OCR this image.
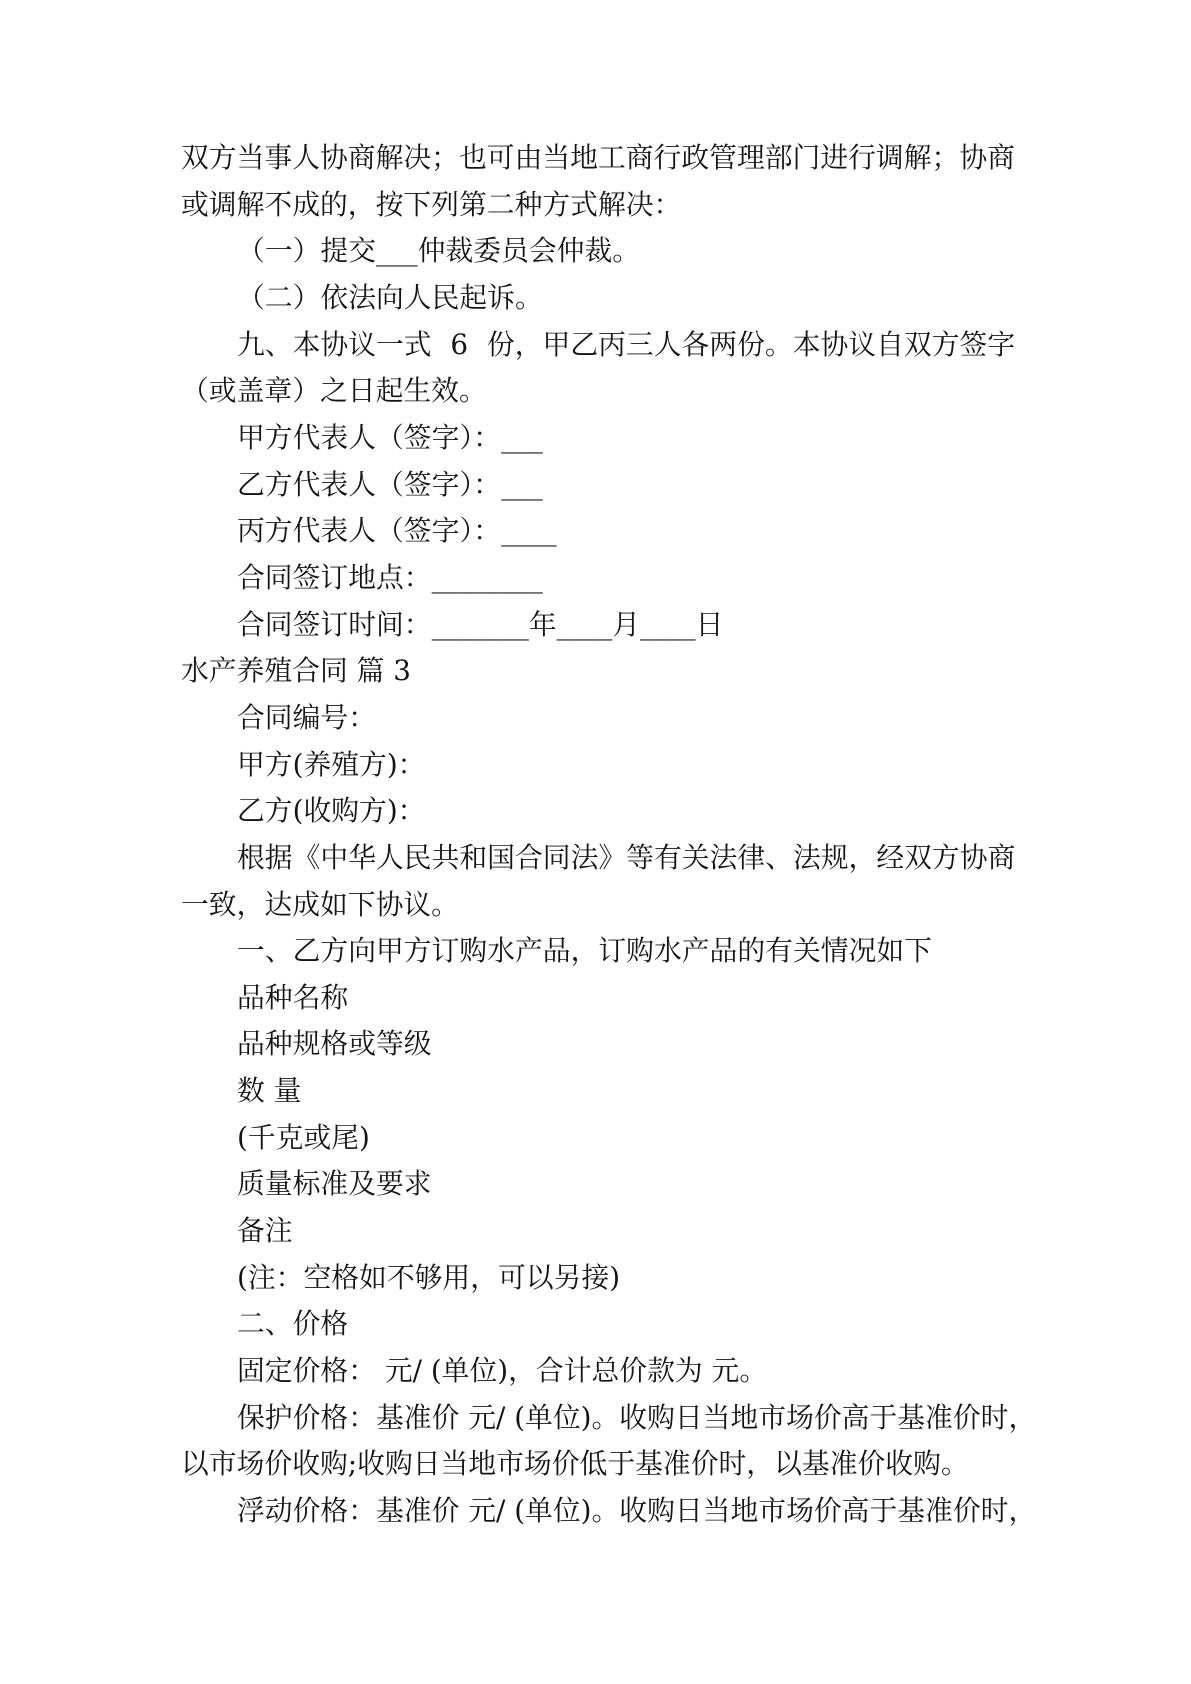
双方当事人协商解决；也可由当地工商行政管理部门进行调解；协商
或调解不成的，按下列第二种方式解决：
（一）提交___仲裁委员会仲裁。
（二）依法向人民起诉。
九、本协议一式 6 份，甲乙丙三人各两份。本协议自双方签字
（或盖章）之日起生效。
甲方代表人（签字）：___
乙方代表人（签字）：___
丙方代表人（签字）：____
合同签订地点：________
合同签订时间：_______年____月____日
水产养殖合同 篇 3
合同编号：
甲方(养殖方)：
乙方(收购方)：
根据《中华人民共和国合同法》等有关法律、法规，经双方协商
一致，达成如下协议。
一、乙方向甲方订购水产品，订购水产品的有关情况如下
品种名称
品种规格或等级
数 量
(千克或尾)
质量标准及要求
备注
(注：空格如不够用，可以另接)
二、价格
固定价格： 元/ (单位)，合计总价款为 元。
保护价格：基准价 元/ (单位)。收购日当地市场价高于基准价时，
以市场价收购;收购日当地市场价低于基准价时，以基准价收购。
浮动价格：基准价 元/ (单位)。收购日当地市场价高于基准价时，
